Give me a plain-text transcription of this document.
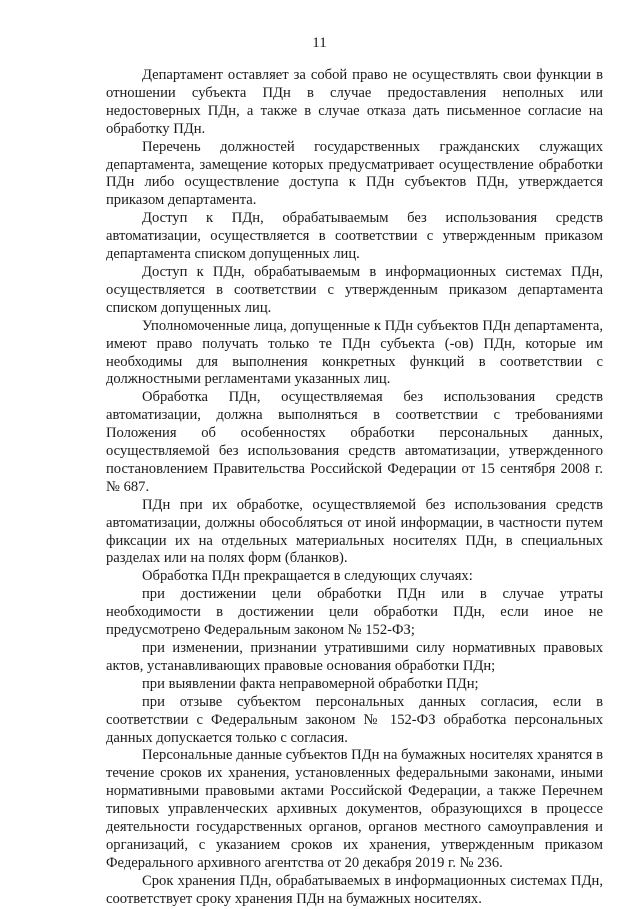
11

Департамент оставляет за собой право не осуществлять свои функции в отношении субъекта ПДн в случае предоставления неполных или недостоверных ПДн, а также в случае отказа дать письменное согласие на обработку ПДн.

Перечень должностей государственных гражданских служащих департамента, замещение которых предусматривает осуществление обработки ПДн либо осуществление доступа к ПДн субъектов ПДн, утверждается приказом департамента.

Доступ к ПДн, обрабатываемым без использования средств автоматизации, осуществляется в соответствии с утвержденным приказом департамента списком допущенных лиц.

Доступ к ПДн, обрабатываемым в информационных системах ПДн, осуществляется в соответствии с утвержденным приказом департамента списком допущенных лиц.

Уполномоченные лица, допущенные к ПДн субъектов ПДн департамента, имеют право получать только те ПДн субъекта (-ов) ПДн, которые им необходимы для выполнения конкретных функций в соответствии с должностными регламентами указанных лиц.

Обработка ПДн, осуществляемая без использования средств автоматизации, должна выполняться в соответствии с требованиями Положения об особенностях обработки персональных данных, осуществляемой без использования средств автоматизации, утвержденного постановлением Правительства Российской Федерации от 15 сентября 2008 г. № 687.

ПДн при их обработке, осуществляемой без использования средств автоматизации, должны обособляться от иной информации, в частности путем фиксации их на отдельных материальных носителях ПДн, в специальных разделах или на полях форм (бланков).

Обработка ПДн прекращается в следующих случаях:

при достижении цели обработки ПДн или в случае утраты необходимости в достижении цели обработки ПДн, если иное не предусмотрено Федеральным законом № 152-ФЗ;

при изменении, признании утратившими силу нормативных правовых актов, устанавливающих правовые основания обработки ПДн;

при выявлении факта неправомерной обработки ПДн;

при отзыве субъектом персональных данных согласия, если в соответствии с Федеральным законом № 152-ФЗ обработка персональных данных допускается только с согласия.

Персональные данные субъектов ПДн на бумажных носителях хранятся в течение сроков их хранения, установленных федеральными законами, иными нормативными правовыми актами Российской Федерации, а также Перечнем типовых управленческих архивных документов, образующихся в процессе деятельности государственных органов, органов местного самоуправления и организаций, с указанием сроков их хранения, утвержденным приказом Федерального архивного агентства от 20 декабря 2019 г. № 236.

Срок хранения ПДн, обрабатываемых в информационных системах ПДн, соответствует сроку хранения ПДн на бумажных носителях.
